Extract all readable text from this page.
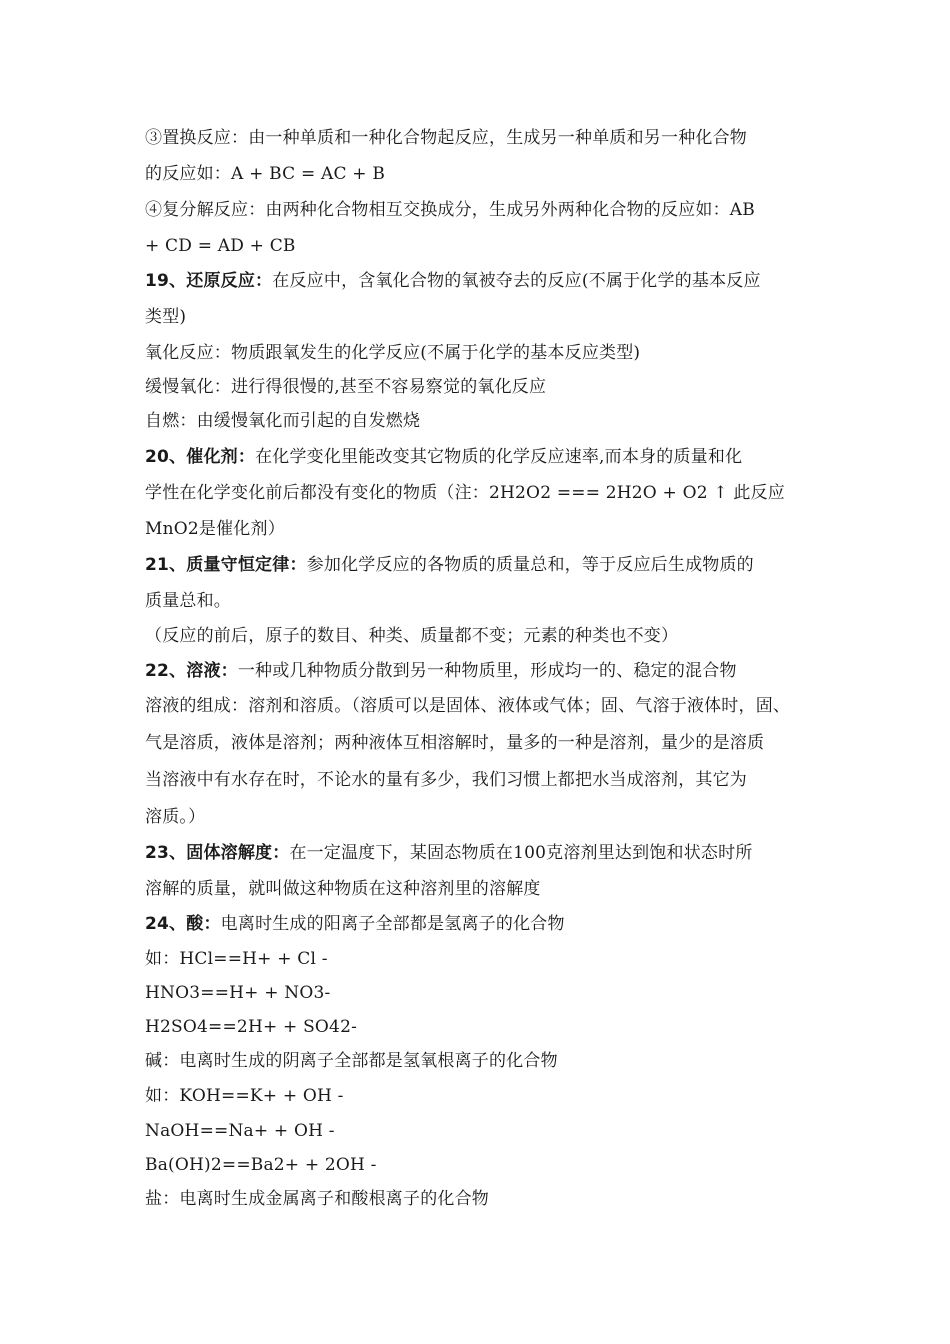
③置换反应：由一种单质和一种化合物起反应，生成另一种单质和另一种化合物
的反应如：A + BC = AC + B
④复分解反应：由两种化合物相互交换成分，生成另外两种化合物的反应如：AB
+ CD = AD + CB
19、还原反应：在反应中，含氧化合物的氧被夺去的反应(不属于化学的基本反应
类型)
氧化反应：物质跟氧发生的化学反应(不属于化学的基本反应类型)
缓慢氧化：进行得很慢的,甚至不容易察觉的氧化反应
自燃：由缓慢氧化而引起的自发燃烧
20、催化剂：在化学变化里能改变其它物质的化学反应速率,而本身的质量和化
学性在化学变化前后都没有变化的物质（注：2H2O2 === 2H2O + O2 ↑ 此反应
MnO2是催化剂）
21、质量守恒定律：参加化学反应的各物质的质量总和，等于反应后生成物质的
质量总和。
（反应的前后，原子的数目、种类、质量都不变；元素的种类也不变）
22、溶液：一种或几种物质分散到另一种物质里，形成均一的、稳定的混合物
溶液的组成：溶剂和溶质。（溶质可以是固体、液体或气体；固、气溶于液体时，固、
气是溶质，液体是溶剂；两种液体互相溶解时，量多的一种是溶剂，量少的是溶质
当溶液中有水存在时，不论水的量有多少，我们习惯上都把水当成溶剂，其它为
溶质。）
23、固体溶解度：在一定温度下，某固态物质在100克溶剂里达到饱和状态时所
溶解的质量，就叫做这种物质在这种溶剂里的溶解度
24、酸：电离时生成的阳离子全部都是氢离子的化合物
如：HCl==H+ + Cl -
HNO3==H+ + NO3-
H2SO4==2H+ + SO42-
碱：电离时生成的阴离子全部都是氢氧根离子的化合物
如：KOH==K+ + OH -
NaOH==Na+ + OH -
Ba(OH)2==Ba2+ + 2OH -
盐：电离时生成金属离子和酸根离子的化合物
